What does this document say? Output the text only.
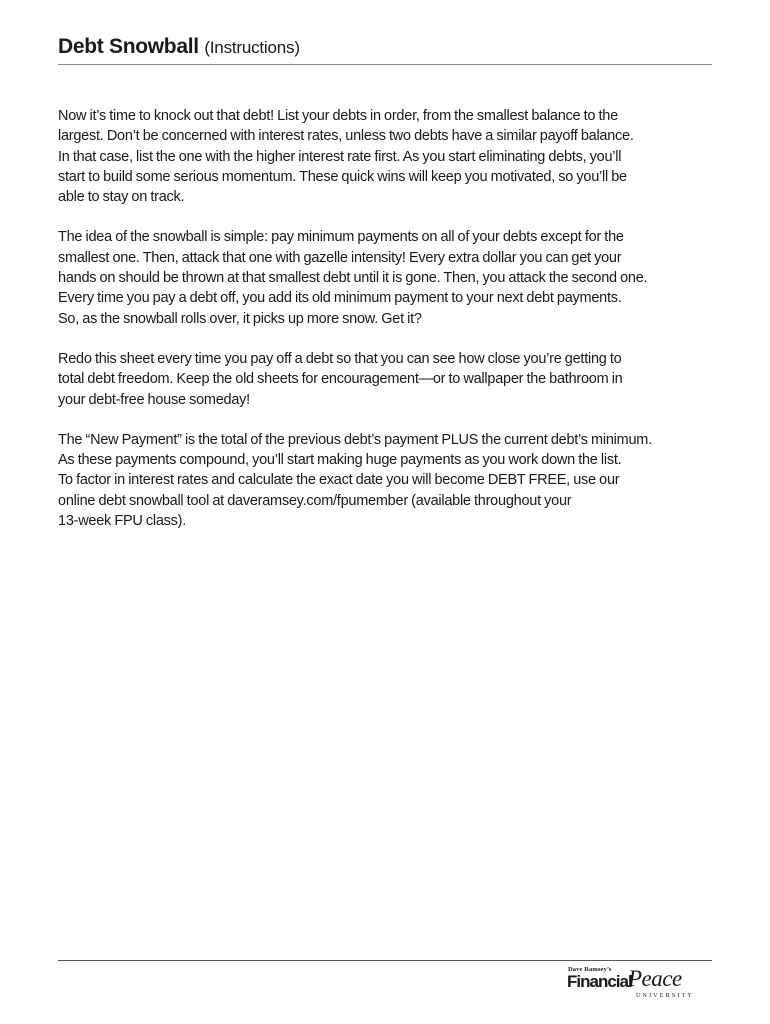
Debt Snowball (Instructions)

Now it’s time to knock out that debt! List your debts in order, from the smallest balance to the
largest. Don’t be concerned with interest rates, unless two debts have a similar payoff balance.
In that case, list the one with the higher interest rate first. As you start eliminating debts, you’ll
start to build some serious momentum. These quick wins will keep you motivated, so you’ll be
able to stay on track.

The idea of the snowball is simple: pay minimum payments on all of your debts except for the
smallest one. Then, attack that one with gazelle intensity! Every extra dollar you can get your
hands on should be thrown at that smallest debt until it is gone. Then, you attack the second one.
Every time you pay a debt off, you add its old minimum payment to your next debt payments.
So, as the snowball rolls over, it picks up more snow. Get it?

Redo this sheet every time you pay off a debt so that you can see how close you’re getting to
total debt freedom. Keep the old sheets for encouragement—or to wallpaper the bathroom in
your debt-free house someday!

The “New Payment” is the total of the previous debt’s payment PLUS the current debt’s minimum.
As these payments compound, you’ll start making huge payments as you work down the list.
To factor in interest rates and calculate the exact date you will become DEBT FREE, use our
online debt snowball tool at daveramsey.com/fpumember (available throughout your
13-week FPU class).

Dave Ramsey’s
Financial
Peace
UNIVERSITY
